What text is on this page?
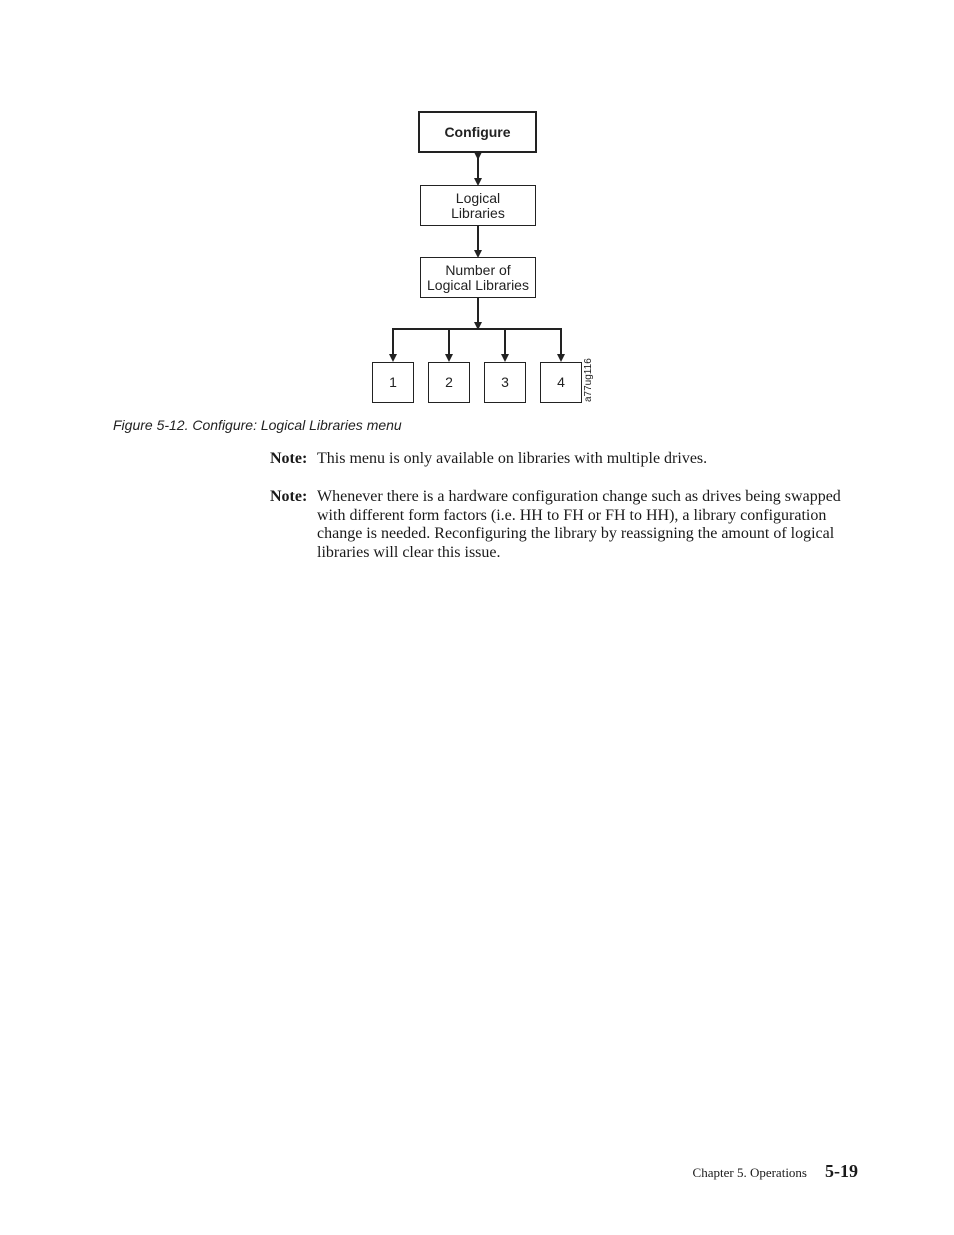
Configure
Logical
Libraries
Number of
Logical Libraries
1	2	3	4 a77ug116
Figure 5-12. Configure: Logical Libraries menu
Note: This menu is only available on libraries with multiple drives.
Note: Whenever there is a hardware configuration change such as drives being swapped with different form factors (i.e. HH to FH or FH to HH), a library configuration change is needed. Reconfiguring the library by reassigning the amount of logical libraries will clear this issue.
Chapter 5. Operations 5-19
